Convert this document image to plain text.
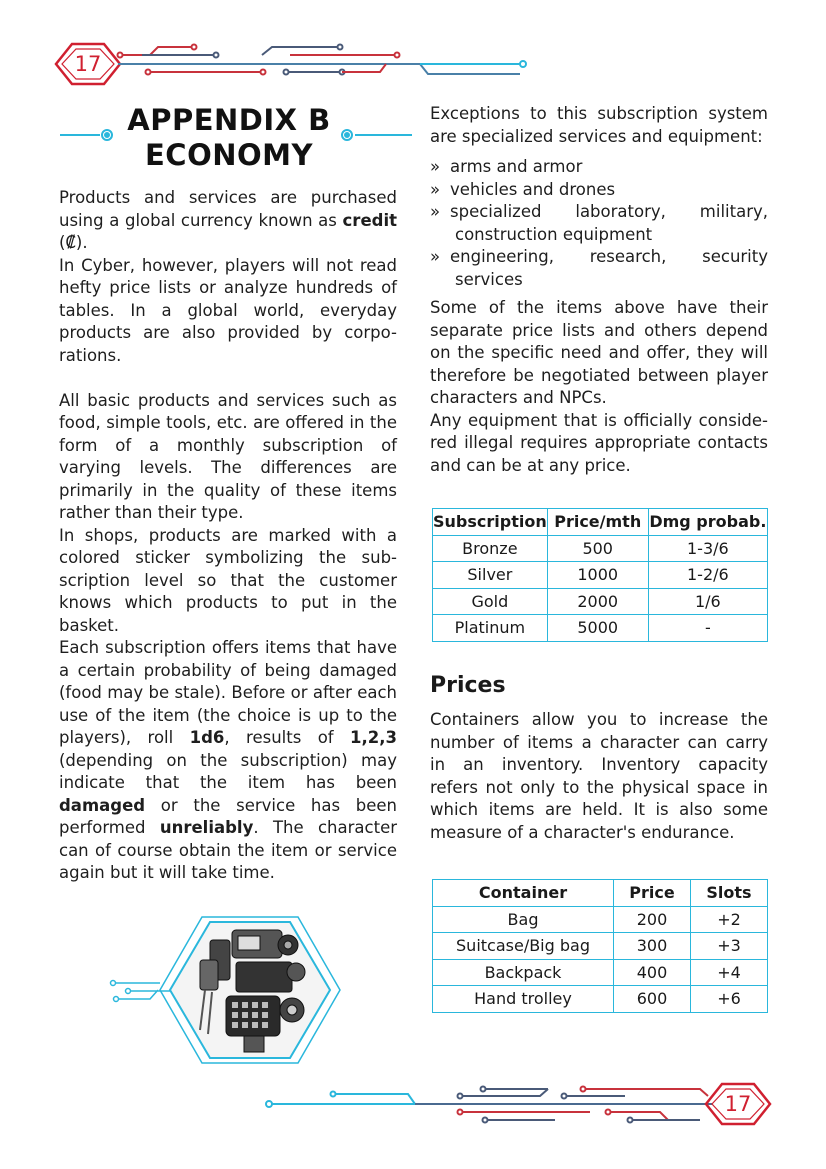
17
17
APPENDIX B
ECONOMY

Products and services are purchased using a global currency known as credit (₡).

In Cyber, however, players will not read hefty price lists or analyze hundreds of tables. In a global world, everyday products are also provided by corpo-rations.

All basic products and services such as food, simple tools, etc. are offered in the form of a monthly subscription of varying levels. The differences are primarily in the quality of these items rather than their type.

In shops, products are marked with a colored sticker symbolizing the sub-scription level so that the customer knows which products to put in the basket.

Each subscription offers items that have a certain probability of being damaged (food may be stale). Before or after each use of the item (the choice is up to the players), roll 1d6, results of 1,2,3 (depending on the subscription) may indicate that the item has been damaged or the service has been performed unreliably. The character can of course obtain the item or service again but it will take time.

Exceptions to this subscription system are specialized services and equipment:

» arms and armor
» vehicles and drones
» specialized laboratory, military,
construction equipment
» engineering, research, security
services

Some of the items above have their separate price lists and others depend on the specific need and offer, they will therefore be negotiated between player characters and NPCs.

Any equipment that is officially conside-red illegal requires appropriate contacts and can be at any price.

Subscription	Price/mth	Dmg probab.
Bronze	500	1-3/6
Silver	1000	1-2/6
Gold	2000	1/6
Platinum	5000	-
Prices

Containers allow you to increase the number of items a character can carry in an inventory. Inventory capacity refers not only to the physical space in which items are held. It is also some measure of a character's endurance.

Container	Price	Slots
Bag	200	+2
Suitcase/Big bag	300	+3
Backpack	400	+4
Hand trolley	600	+6
